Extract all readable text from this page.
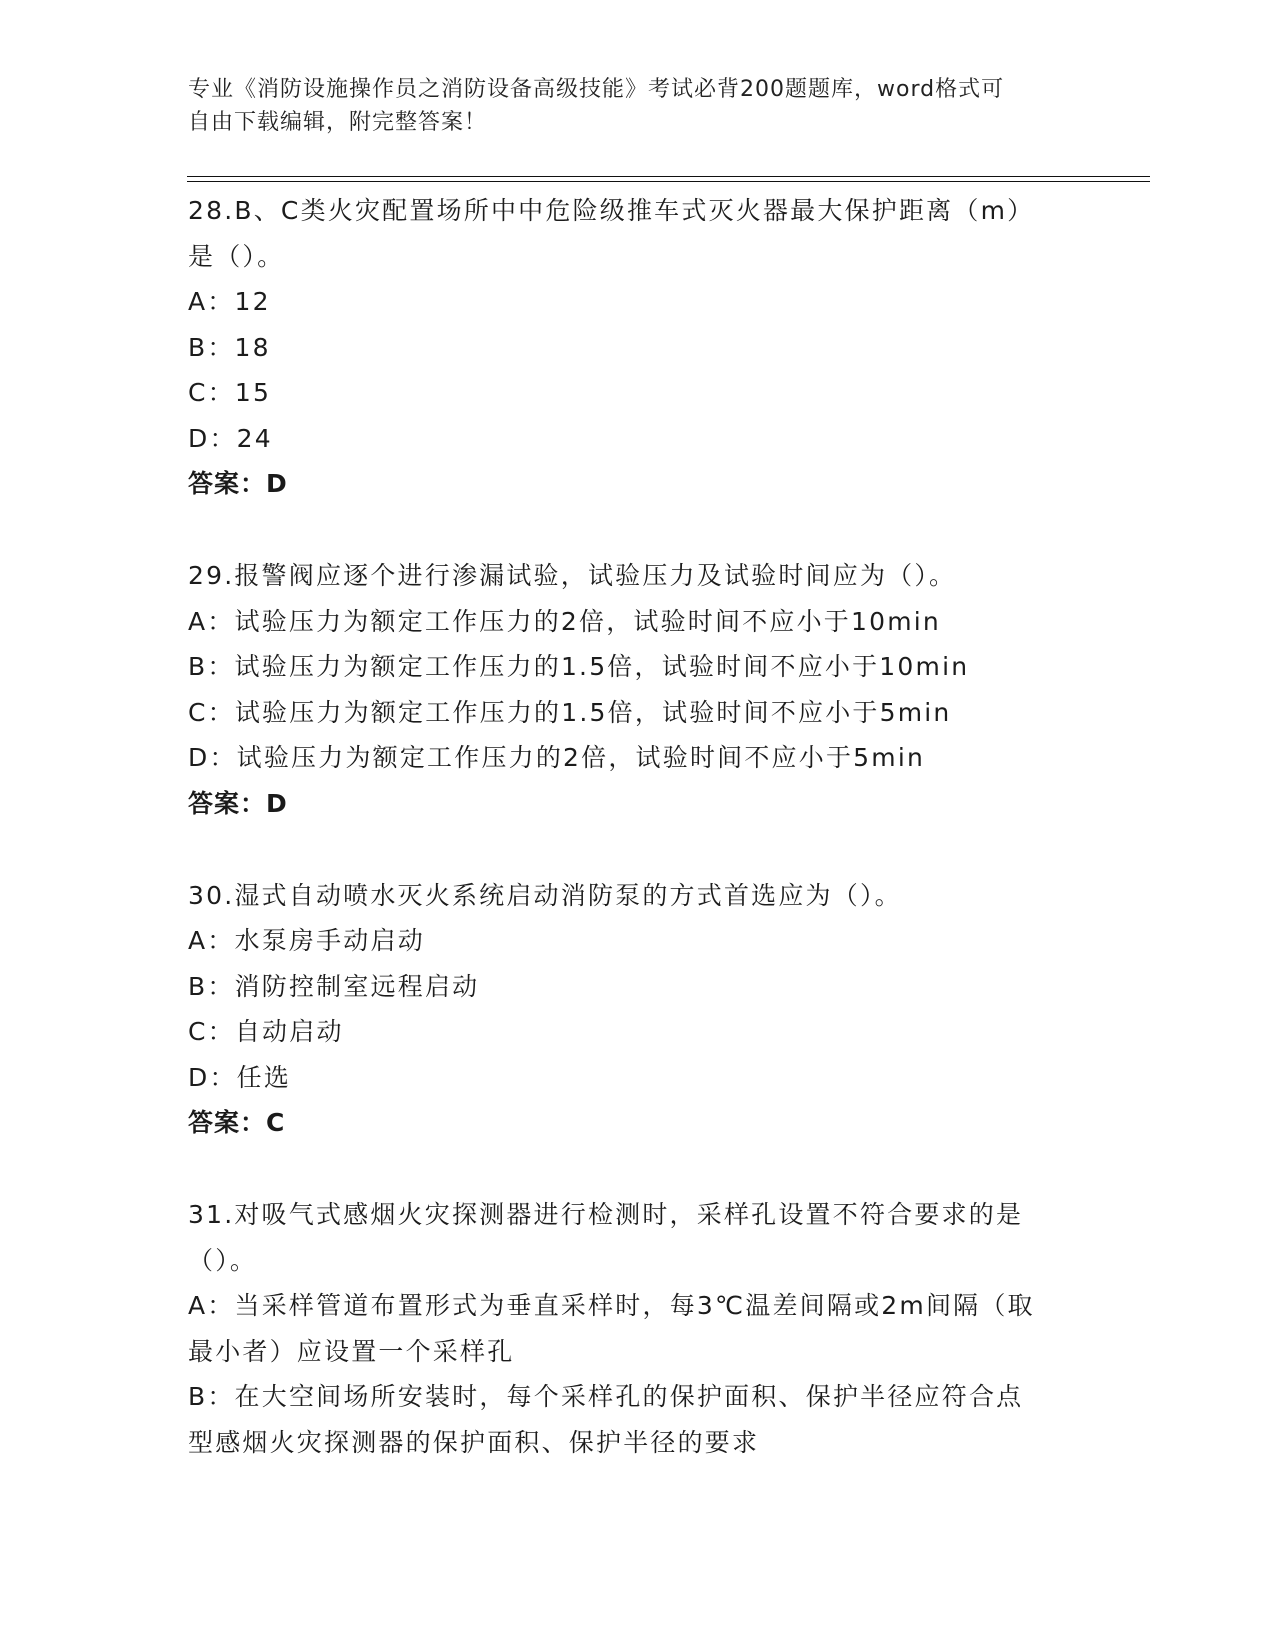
专业《消防设施操作员之消防设备高级技能》考试必背200题题库，word格式可
自由下载编辑，附完整答案！
28.B、C类火灾配置场所中中危险级推车式灭火器最大保护距离（m）
是（）。
A：12
B：18
C：15
D：24
答案：D
29.报警阀应逐个进行渗漏试验，试验压力及试验时间应为（）。
A：试验压力为额定工作压力的2倍，试验时间不应小于10min
B：试验压力为额定工作压力的1.5倍，试验时间不应小于10min
C：试验压力为额定工作压力的1.5倍，试验时间不应小于5min
D：试验压力为额定工作压力的2倍，试验时间不应小于5min
答案：D
30.湿式自动喷水灭火系统启动消防泵的方式首选应为（）。
A：水泵房手动启动
B：消防控制室远程启动
C：自动启动
D：任选
答案：C
31.对吸气式感烟火灾探测器进行检测时，采样孔设置不符合要求的是
（）。
A：当采样管道布置形式为垂直采样时，每3℃温差间隔或2m间隔（取
最小者）应设置一个采样孔
B：在大空间场所安装时，每个采样孔的保护面积、保护半径应符合点
型感烟火灾探测器的保护面积、保护半径的要求
